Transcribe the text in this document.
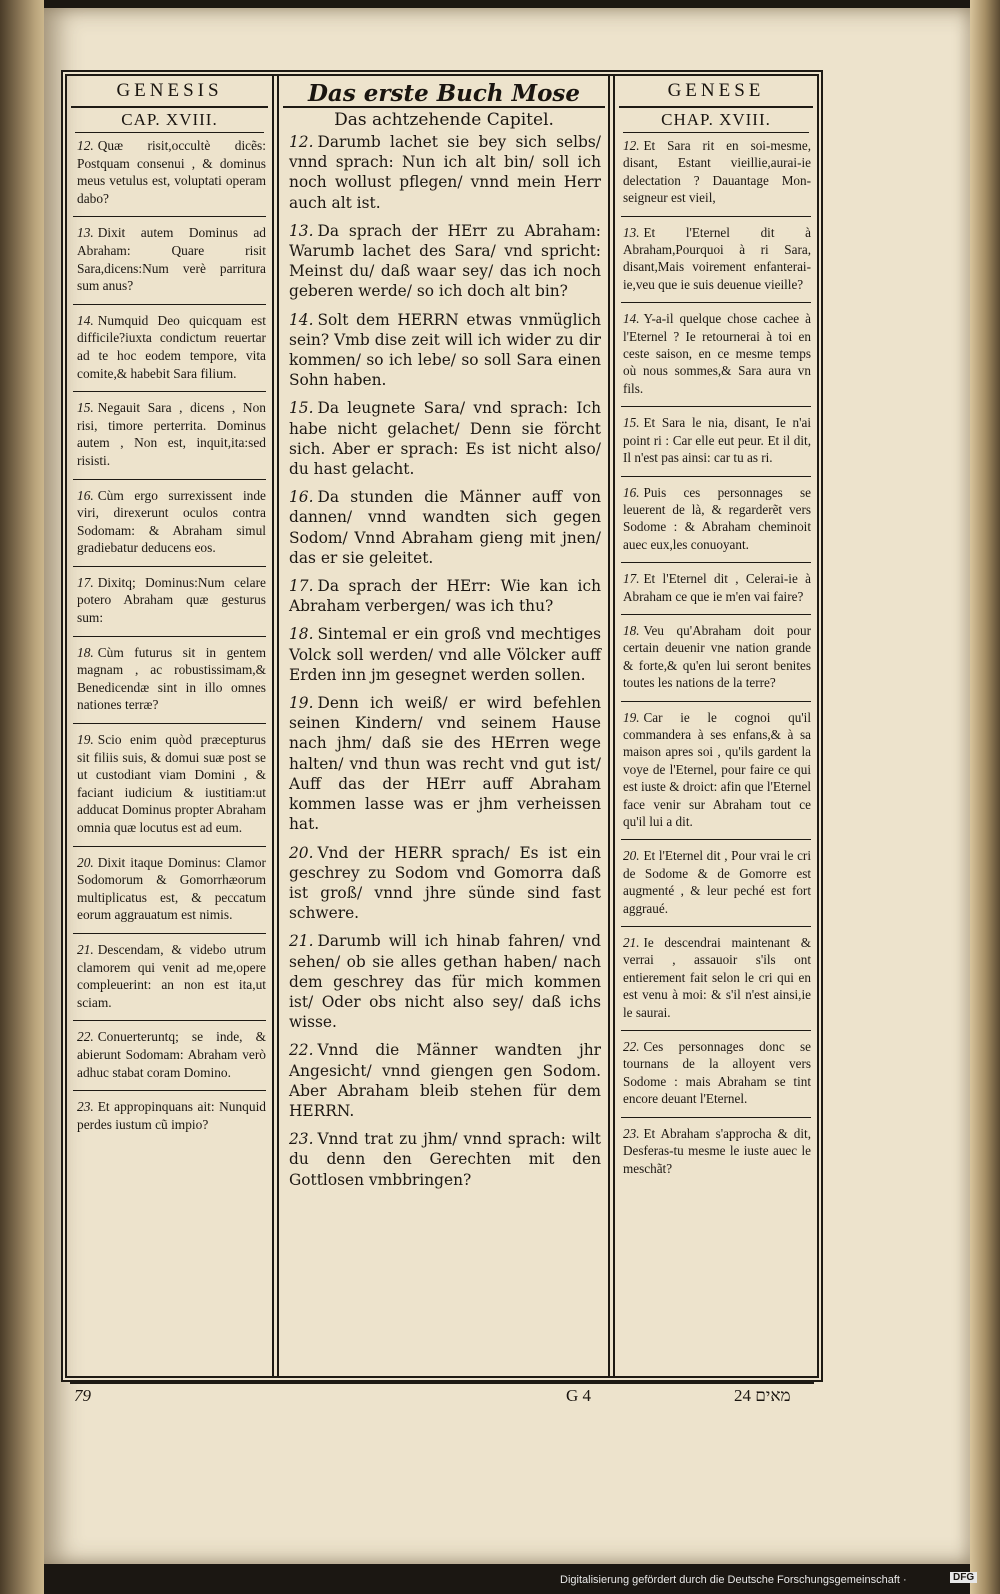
GENESIS
CAP. XVIII.
12. Quæ risit,occultè dicẽs: Postquam consenui , & dominus meus vetulus est, voluptati operam dabo?
13. Dixit autem Dominus ad Abraham: Quare risit Sara,dicens:Num verè parritura sum anus?
14. Numquid Deo quicquam est difficile?iuxta condictum reuertar ad te hoc eodem tempore, vita comite,& habebit Sara filium.
15. Negauit Sara , dicens , Non risi, timore perterrita. Dominus autem , Non est, inquit,ita:sed risisti.
16. Cùm ergo surrexissent inde viri, direxerunt oculos contra Sodomam: & Abraham simul gradiebatur deducens eos.
17. Dixitq; Dominus:Num celare potero Abraham quæ gesturus sum:
18. Cùm futurus sit in gentem magnam , ac robustissimam,& Benedicendæ sint in illo omnes nationes terræ?
19. Scio enim quòd præcepturus sit filiis suis, & domui suæ post se ut custodiant viam Domini , & faciant iudicium & iustitiam:ut adducat Dominus propter Abraham omnia quæ locutus est ad eum.
20. Dixit itaque Dominus: Clamor Sodomorum & Gomorrhæorum multiplicatus est, & peccatum eorum aggrauatum est nimis.
21. Descendam, & videbo utrum clamorem qui venit ad me,opere compleuerint: an non est ita,ut sciam.
22. Conuerteruntq; se inde, & abierunt Sodomam: Abraham verò adhuc stabat coram Domino.
23. Et appropinquans ait: Nunquid perdes iustum cũ impio?
Das erste Buch Mose
Das achtzehende Capitel.
12. Darumb lachet sie bey sich selbs/ vnnd sprach: Nun ich alt bin/ soll ich noch wollust pflegen/ vnnd mein Herr auch alt ist.
13. Da sprach der HErr zu Abraham: Warumb lachet des Sara/ vnd spricht: Meinst du/ daß waar sey/ das ich noch geberen werde/ so ich doch alt bin?
14. Solt dem HERRN etwas vnmüglich sein? Vmb dise zeit will ich wider zu dir kommen/ so ich lebe/ so soll Sara einen Sohn haben.
15. Da leugnete Sara/ vnd sprach: Ich habe nicht gelachet/ Denn sie förcht sich. Aber er sprach: Es ist nicht also/ du hast gelacht.
16. Da stunden die Männer auff von dannen/ vnnd wandten sich gegen Sodom/ Vnnd Abraham gieng mit jnen/ das er sie geleitet.
17. Da sprach der HErr: Wie kan ich Abraham verbergen/ was ich thu?
18. Sintemal er ein groß vnd mechtiges Volck soll werden/ vnd alle Völcker auff Erden inn jm gesegnet werden sollen.
19. Denn ich weiß/ er wird befehlen seinen Kindern/ vnd seinem Hause nach jhm/ daß sie des HErren wege halten/ vnd thun was recht vnd gut ist/ Auff das der HErr auff Abraham kommen lasse was er jhm verheissen hat.
20. Vnd der HERR sprach/ Es ist ein geschrey zu Sodom vnd Gomorra daß ist groß/ vnnd jhre sünde sind fast schwere.
21. Darumb will ich hinab fahren/ vnd sehen/ ob sie alles gethan haben/ nach dem geschrey das für mich kommen ist/ Oder obs nicht also sey/ daß ichs wisse.
22. Vnnd die Männer wandten jhr Angesicht/ vnnd giengen gen Sodom. Aber Abraham bleib stehen für dem HERRN.
23. Vnnd trat zu jhm/ vnnd sprach: wilt du denn den Gerechten mit den Gottlosen vmbbringen?
GENESE
CHAP. XVIII.
12. Et Sara rit en soi-mesme, disant, Estant vieillie,aurai-ie delectation ? Dauantage Mon-seigneur est vieil,
13. Et l'Eternel dit à Abraham,Pourquoi à ri Sara, disant,Mais voirement enfanterai-ie,veu que ie suis deuenue vieille?
14. Y-a-il quelque chose cachee à l'Eternel ? Ie retournerai à toi en ceste saison, en ce mesme temps où nous sommes,& Sara aura vn fils.
15. Et Sara le nia, disant, Ie n'ai point ri : Car elle eut peur. Et il dit, Il n'est pas ainsi: car tu as ri.
16. Puis ces personnages se leuerent de là, & regarderẽt vers Sodome : & Abraham cheminoit auec eux,les conuoyant.
17. Et l'Eternel dit , Celerai-ie à Abraham ce que ie m'en vai faire?
18. Veu qu'Abraham doit pour certain deuenir vne nation grande & forte,& qu'en lui seront benites toutes les nations de la terre?
19. Car ie le cognoi qu'il commandera à ses enfans,& à sa maison apres soi , qu'ils gardent la voye de l'Eternel, pour faire ce qui est iuste & droict: afin que l'Eternel face venir sur Abraham tout ce qu'il lui a dit.
20. Et l'Eternel dit , Pour vrai le cri de Sodome & de Gomorre est augmenté , & leur peché est fort aggraué.
21. Ie descendrai maintenant & verrai , assauoir s'ils ont entierement fait selon le cri qui en est venu à moi: & s'il n'est ainsi,ie le saurai.
22. Ces personnages donc se tournans de la alloyent vers Sodome : mais Abraham se tint encore deuant l'Eternel.
23. Et Abraham s'approcha & dit, Desferas-tu mesme le iuste auec le meschãt?
79	G 4	מאים 24
Digitalisierung gefördert durch die Deutsche Forschungsgemeinschaft ·	DFG
